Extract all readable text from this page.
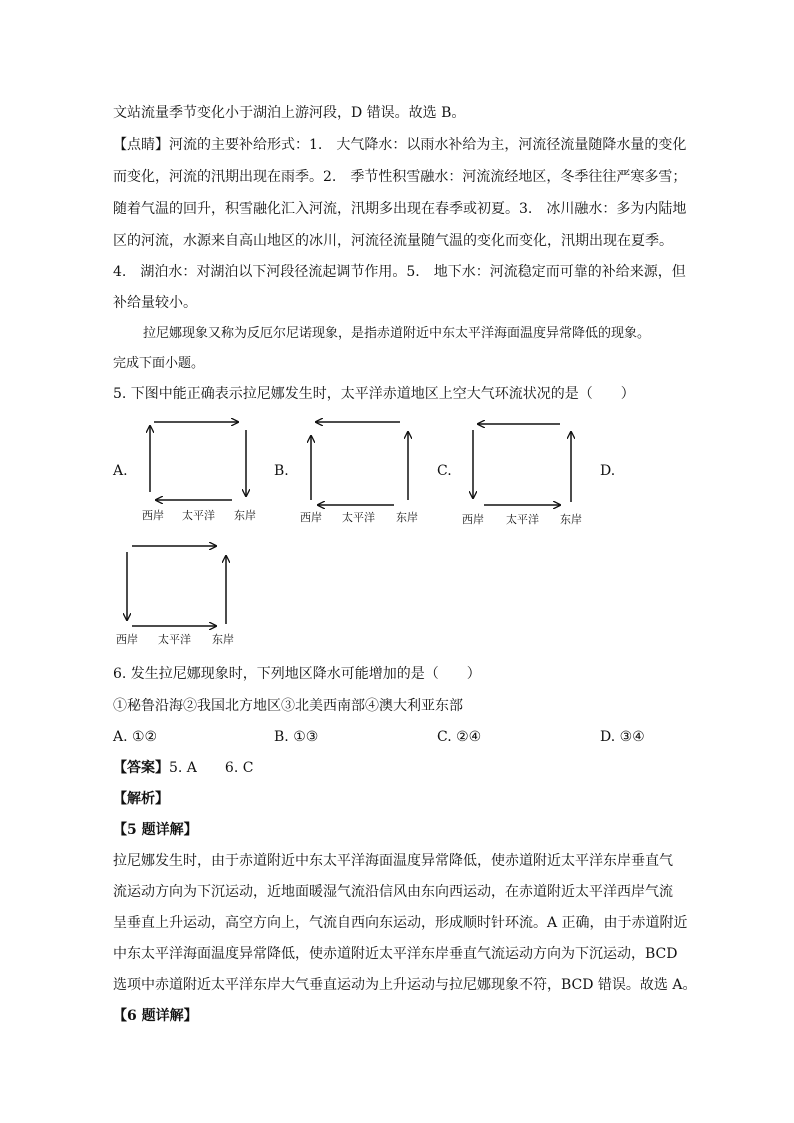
文站流量季节变化小于湖泊上游河段，D 错误。故选 B。
【点睛】河流的主要补给形式：1.　大气降水：以雨水补给为主，河流径流量随降水量的变化
而变化，河流的汛期出现在雨季。2.　季节性积雪融水：河流流经地区，冬季往往严寒多雪；
随着气温的回升，积雪融化汇入河流，汛期多出现在春季或初夏。3.　冰川融水：多为内陆地
区的河流，水源来自高山地区的冰川，河流径流量随气温的变化而变化，汛期出现在夏季。
4.　湖泊水：对湖泊以下河段径流起调节作用。5.　地下水：河流稳定而可靠的补给来源，但
补给量较小。
拉尼娜现象又称为反厄尔尼诺现象，是指赤道附近中东太平洋海面温度异常降低的现象。
完成下面小题。
5. 下图中能正确表示拉尼娜发生时，太平洋赤道地区上空大气环流状况的是（　　）
A.	B.	C.	D.
西岸 太平洋 东岸	西岸 太平洋 东岸	西岸 太平洋 东岸
西岸 太平洋 东岸
6. 发生拉尼娜现象时，下列地区降水可能增加的是（　　）
①秘鲁沿海②我国北方地区③北美西南部④澳大利亚东部
A. ①②	B. ①③	C. ②④	D. ③④
【答案】5. A　　6. C
【解析】
【5 题详解】
拉尼娜发生时，由于赤道附近中东太平洋海面温度异常降低，使赤道附近太平洋东岸垂直气
流运动方向为下沉运动，近地面暖湿气流沿信风由东向西运动，在赤道附近太平洋西岸气流
呈垂直上升运动，高空方向上，气流自西向东运动，形成顺时针环流。A 正确，由于赤道附近
中东太平洋海面温度异常降低，使赤道附近太平洋东岸垂直气流运动方向为下沉运动，BCD
选项中赤道附近太平洋东岸大气垂直运动为上升运动与拉尼娜现象不符，BCD 错误。故选 A。
【6 题详解】
